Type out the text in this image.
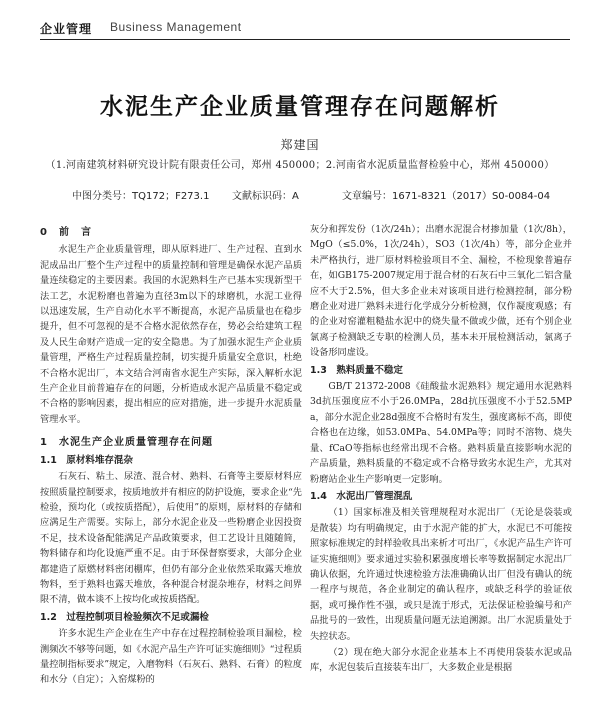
企业管理 Business Management
水泥生产企业质量管理存在问题解析
郑建国
（1.河南建筑材料研究设计院有限责任公司，郑州 450000；2.河南省水泥质量监督检验中心，郑州 450000）
中图分类号：TQ172；F273.1 文献标识码：A	文章编号：1671-8321（2017）S0-0084-04
0　前　言

水泥生产企业质量管理，即从原料进厂、生产过程、直到水泥成品出厂整个生产过程中的质量控制和管理是确保水泥产品质量连续稳定的主要因素。我国的水泥熟料生产已基本实现新型干法工艺，水泥粉磨也普遍为直径3m以下的球磨机，水泥工业得以迅速发展，生产自动化水平不断提高，水泥产品质量也在稳步提升，但不可忽视的是不合格水泥依然存在，势必会给建筑工程及人民生命财产造成一定的安全隐患。为了加强水泥生产企业质量管理，严格生产过程质量控制，切实提升质量安全意识，杜绝不合格水泥出厂，本文结合河南省水泥生产实际，深入解析水泥生产企业目前普遍存在的问题，分析造成水泥产品质量不稳定或不合格的影响因素，提出相应的应对措施，进一步提升水泥质量管理水平。

1　水泥生产企业质量管理存在问题
1.1　原材料堆存混杂

石灰石、粘土、尿渣、混合材、熟料、石膏等主要原材料应按照质量控制要求，按质地放并有相应的防护设施，要求企业“先检验，预均化（或按质搭配），后使用”的原则，原材料的存储和应满足生产需要。实际上，部分水泥企业及一些粉磨企业因投资不足，技术设备配能满足产品政策要求，但工艺设计且随随简，物料储存和均化设施严重不足。由于环保督察要求，大部分企业都建造了原燃材料密闭棚库，但仍有部分企业依然采取露天堆放物料，至于熟料也露天堆放，各种混合材混杂堆存，材料之间界限不清，做本谈不上按均化或按质搭配。

1.2　过程控制项目检验频次不足或漏检

许多水泥生产企业在生产中存在过程控制检验项目漏检，检测频次不够等问题，如《水泥产品生产许可证实施细则》“过程质量控制指标要求”规定，入磨物料（石灰石、熟料、石膏）的粒度和水分（自定）；入窑煤粉的

灰分和挥发份（1次/24h）；出磨水泥混合材掺加量（1次/8h），MgO（≤5.0%，1次/24h），SO3（1次/4h）等，部分企业并未严格执行，进厂原材料检验项目不全、漏检，不检现象普遍存在，如GB175-2007规定用于混合材的石灰石中三氧化二铝含量应不大于2.5%，但大多企业未对该项目进行检测控制，部分粉磨企业对进厂熟料未进行化学成分分析检测，仅作凝度观感；有的企业对窑灌粗糙盐水泥中的烧失量不做或少做，还有个别企业氯离子检测缺乏专职的检测人员，基本未开展检测活动，氯离子设备形同虚设。

1.3　熟料质量不稳定

GB/T 21372-2008《硅酸盐水泥熟料》规定通用水泥熟料3d抗压强度应不小于26.0MPa，28d抗压强度不小于52.5MPa，部分水泥企业28d强度不合格时有发生，强度离标不高，即使合格也在边缘，如53.0MPa、54.0MPa等；同时不溶物、烧失量、fCaO等指标也经常出现不合格。熟料质量直接影响水泥的产品质量，熟料质量的不稳定或不合格导致劣水泥生产，尤其对粉磨站企业生产影响更一定影响。

1.4　水泥出厂管理混乱

（1）国家标准及相关管理规程对水泥出厂（无论是袋装或是散装）均有明确规定，由于水泥产能的扩大，水泥已不可能按照家标准规定的封样验收具出来析才可出厂，《水泥产品生产许可证实施细则》要求通过实验积累强度增长率等数据制定水泥出厂确认依据，允许通过快速检验方法准确确认出厂但没有确认的统一程序与规范，各企业制定的确认程序，或缺乏科学的验证依据，或可操作性不强，或只是流于形式，无法保证检验编号和产品批号的一致性，出现质量问题无法追溯源。出厂水泥质量处于失控状态。

（2）现在绝大部分水泥企业基本上不再使用袋装水泥或品库，水泥包装后直接装车出厂，大多数企业是根据
